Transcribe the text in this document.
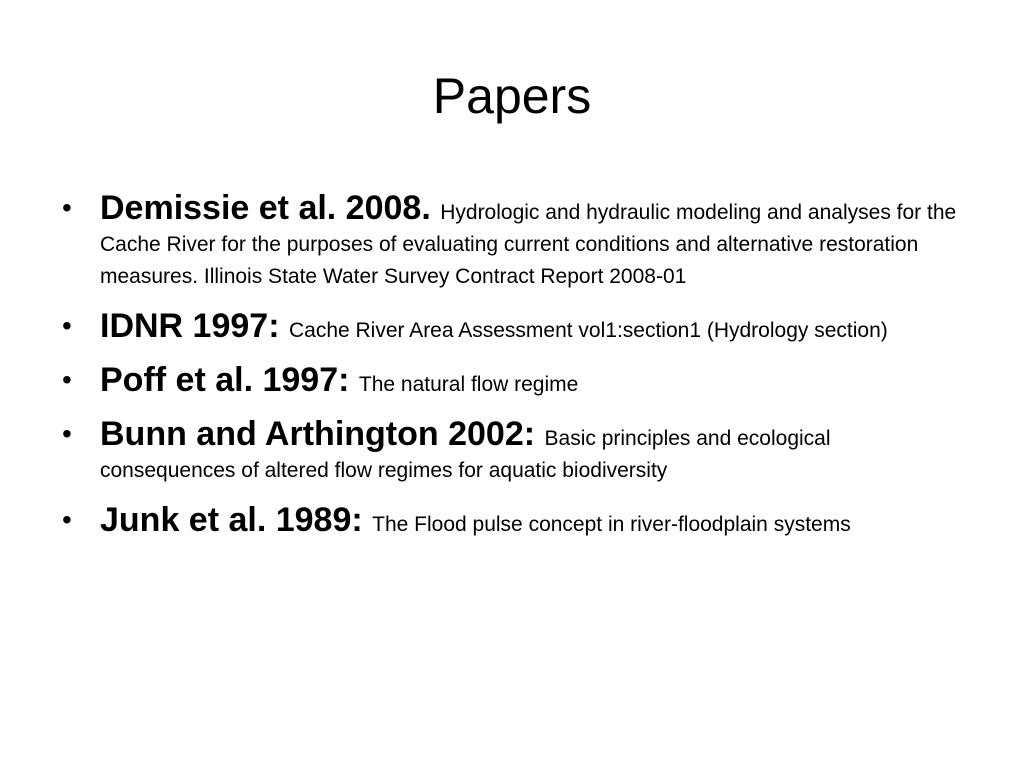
Papers
• Demissie et al. 2008. Hydrologic and hydraulic modeling and analyses for the Cache River for the purposes of evaluating current conditions and alternative restoration measures. Illinois State Water Survey Contract Report 2008-01
• IDNR 1997: Cache River Area Assessment vol1:section1 (Hydrology section)
• Poff et al. 1997: The natural flow regime
• Bunn and Arthington 2002: Basic principles and ecological consequences of altered flow regimes for aquatic biodiversity
• Junk et al. 1989: The Flood pulse concept in river-floodplain systems
